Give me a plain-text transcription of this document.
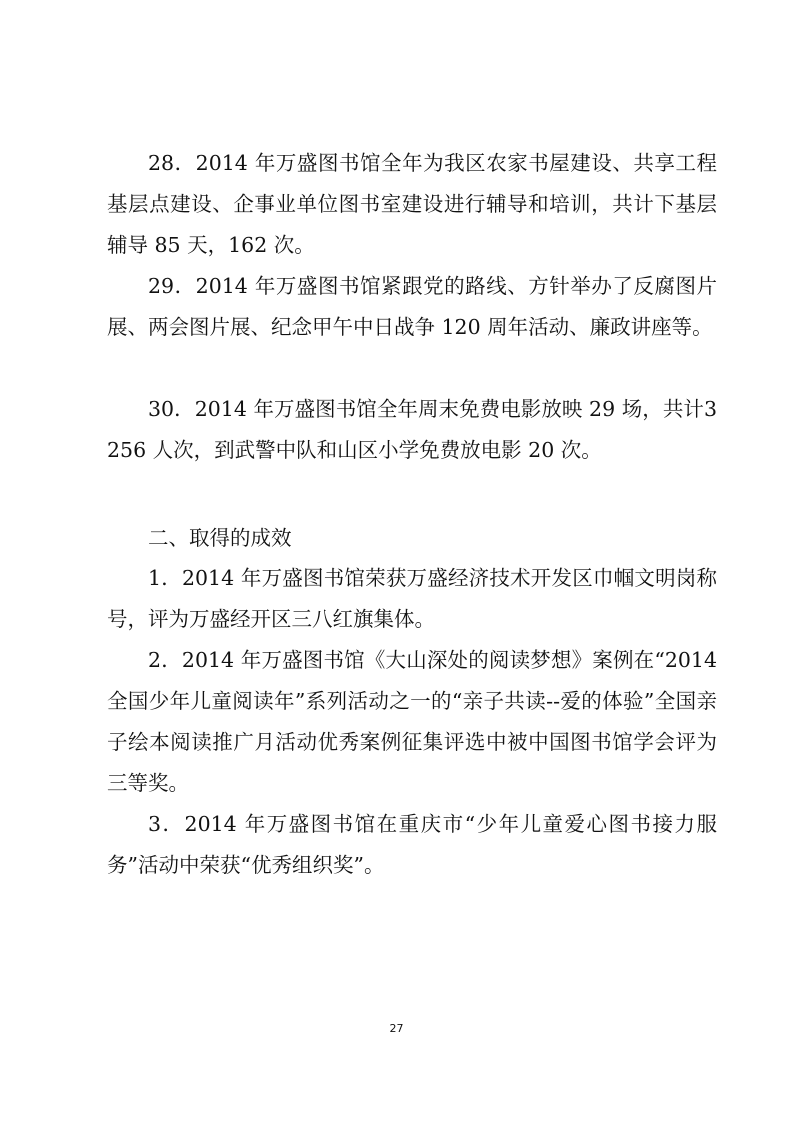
28．2014 年万盛图书馆全年为我区农家书屋建设、共享工程基层点建设、企事业单位图书室建设进行辅导和培训，共计下基层辅导 85 天，162 次。

29．2014 年万盛图书馆紧跟党的路线、方针举办了反腐图片展、两会图片展、纪念甲午中日战争 120 周年活动、廉政讲座等。

30．2014 年万盛图书馆全年周末免费电影放映 29 场，共计3256 人次，到武警中队和山区小学免费放电影 20 次。

二、取得的成效

1．2014 年万盛图书馆荣获万盛经济技术开发区巾帼文明岗称号，评为万盛经开区三八红旗集体。

2．2014 年万盛图书馆《大山深处的阅读梦想》案例在“2014全国少年儿童阅读年”系列活动之一的“亲子共读--爱的体验”全国亲子绘本阅读推广月活动优秀案例征集评选中被中国图书馆学会评为三等奖。

3．2014 年万盛图书馆在重庆市“少年儿童爱心图书接力服务”活动中荣获“优秀组织奖”。

27
